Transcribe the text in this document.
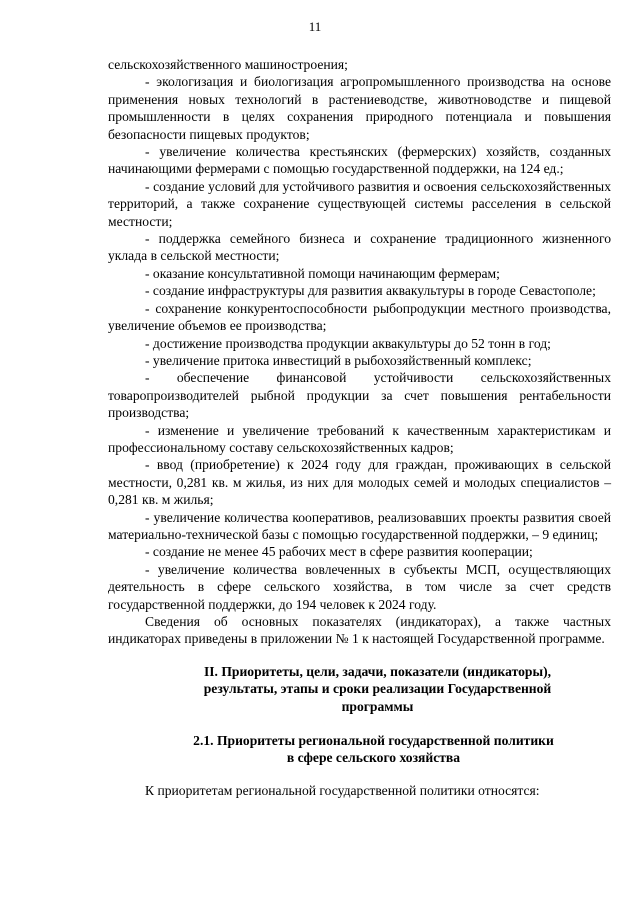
11

сельскохозяйственного машиностроения;

- экологизация и биологизация агропромышленного производства на основе применения новых технологий в растениеводстве, животноводстве и пищевой промышленности в целях сохранения природного потенциала и повышения безопасности пищевых продуктов;

- увеличение количества крестьянских (фермерских) хозяйств, созданных начинающими фермерами с помощью государственной поддержки, на 124 ед.;

- создание условий для устойчивого развития и освоения сельскохозяйственных территорий, а также сохранение существующей системы расселения в сельской местности;

- поддержка семейного бизнеса и сохранение традиционного жизненного уклада в сельской местности;

- оказание консультативной помощи начинающим фермерам;

- создание инфраструктуры для развития аквакультуры в городе Севастополе;

- сохранение конкурентоспособности рыбопродукции местного производства, увеличение объемов ее производства;

- достижение производства продукции аквакультуры до 52 тонн в год;

- увеличение притока инвестиций в рыбохозяйственный комплекс;

- обеспечение финансовой устойчивости сельскохозяйственных товаропроизводителей рыбной продукции за счет повышения рентабельности производства;

- изменение и увеличение требований к качественным характеристикам и профессиональному составу сельскохозяйственных кадров;

- ввод (приобретение) к 2024 году для граждан, проживающих в сельской местности, 0,281 кв. м жилья, из них для молодых семей и молодых специалистов – 0,281 кв. м жилья;

- увеличение количества кооперативов, реализовавших проекты развития своей материально-технической базы с помощью государственной поддержки, – 9 единиц;

- создание не менее 45 рабочих мест в сфере развития кооперации;

- увеличение количества вовлеченных в субъекты МСП, осуществляющих деятельность в сфере сельского хозяйства, в том числе за счет средств государственной поддержки, до 194 человек к 2024 году.

Сведения об основных показателях (индикаторах), а также частных индикаторах приведены в приложении № 1 к настоящей Государственной программе.

II. Приоритеты, цели, задачи, показатели (индикаторы),
результаты, этапы и сроки реализации Государственной
программы
2.1. Приоритеты региональной государственной политики
в сфере сельского хозяйства

К приоритетам региональной государственной политики относятся:
